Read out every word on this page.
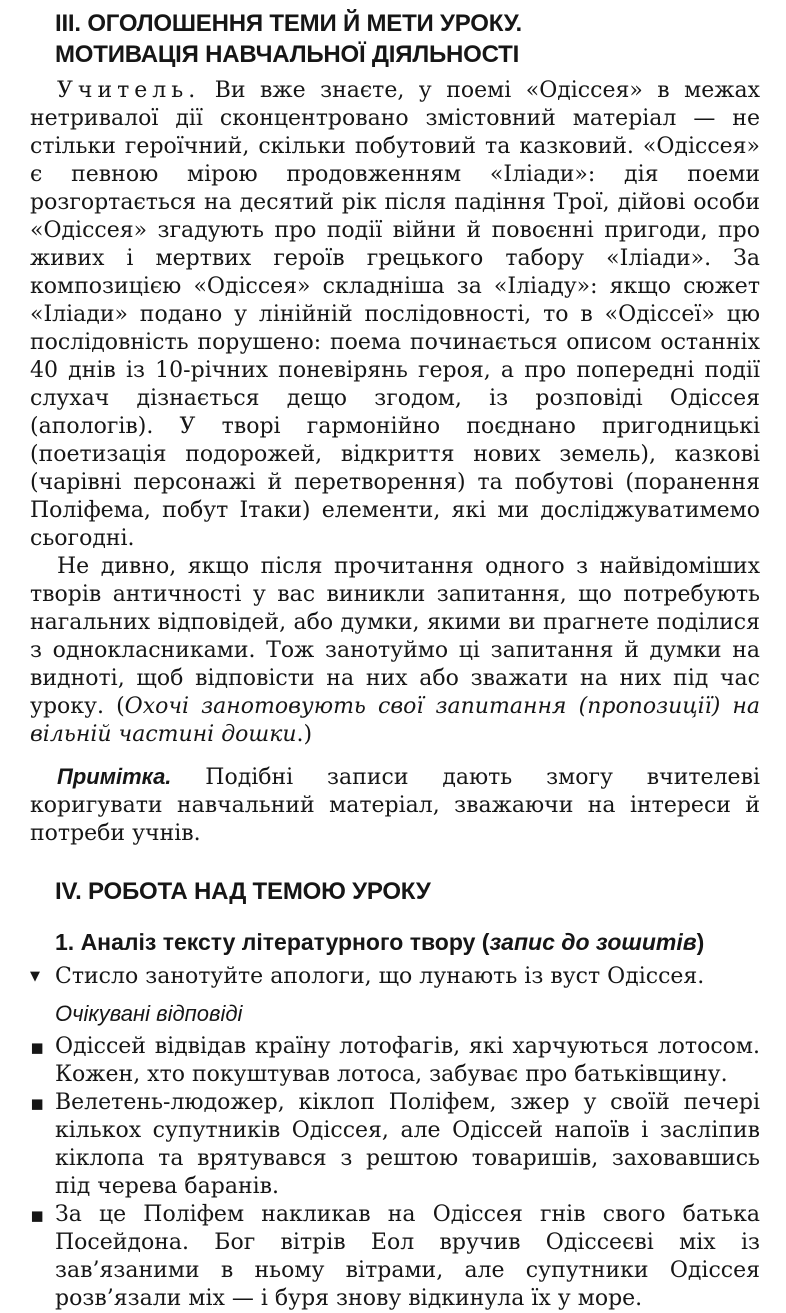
ІІІ. ОГОЛОШЕННЯ ТЕМИ Й МЕТИ УРОКУ.
МОТИВАЦІЯ НАВЧАЛЬНОЇ ДІЯЛЬНОСТІ

Учитель. Ви вже знаєте, у поемі «Одіссея» в межах нетривалої дії сконцентровано змістовний матеріал — не стільки героїчний, скільки побутовий та казковий. «Одіссея» є певною мірою продовженням «Іліади»: дія поеми розгортається на десятий рік після падіння Трої, дійові особи «Одіссея» згадують про події війни й повоєнні пригоди, про живих і мертвих героїв грецького табору «Іліади». За композицією «Одіссея» складніша за «Іліаду»: якщо сюжет «Іліади» подано у лінійній послідовності, то в «Одіссеї» цю послідовність порушено: поема починається описом останніх 40 днів із 10-річних поневірянь героя, а про попередні події слухач дізнається дещо згодом, із розповіді Одіссея (апологів). У творі гармонійно поєднано пригодницькі (поетизація подорожей, відкриття нових земель), казкові (чарівні персонажі й перетворення) та побутові (поранення Поліфема, побут Ітаки) елементи, які ми досліджуватимемо сьогодні.

Не дивно, якщо після прочитання одного з найвідоміших творів античності у вас виникли запитання, що потребують нагальних відповідей, або думки, якими ви прагнете поділися з однокласниками. Тож занотуймо ці запитання й думки на видноті, щоб відповісти на них або зважати на них під час уроку. (Охочі занотовують свої запитання (пропозиції) на вільній частині дошки.)

Примітка. Подібні записи дають змогу вчителеві коригувати навчальний матеріал, зважаючи на інтереси й потреби учнів.

IV. РОБОТА НАД ТЕМОЮ УРОКУ
1. Аналіз тексту літературного твору (запис до зошитів)
▼ Стисло занотуйте апологи, що лунають із вуст Одіссея.
Очікувані відповіді
▪ Одіссей відвідав країну лотофагів, які харчуються лотосом. Кожен, хто покуштував лотоса, забуває про батьківщину.
▪ Велетень-людожер, кіклоп Поліфем, зжер у своїй печері кількох супутників Одіссея, але Одіссей напоїв і засліпив кіклопа та врятувався з рештою товаришів, заховавшись під черева баранів.
▪ За це Поліфем накликав на Одіссея гнів свого батька Посейдона. Бог вітрів Еол вручив Одіссеєві міх із зав’язаними в ньому вітрами, але супутники Одіссея розв’язали міх — і буря знову відкинула їх у море.
